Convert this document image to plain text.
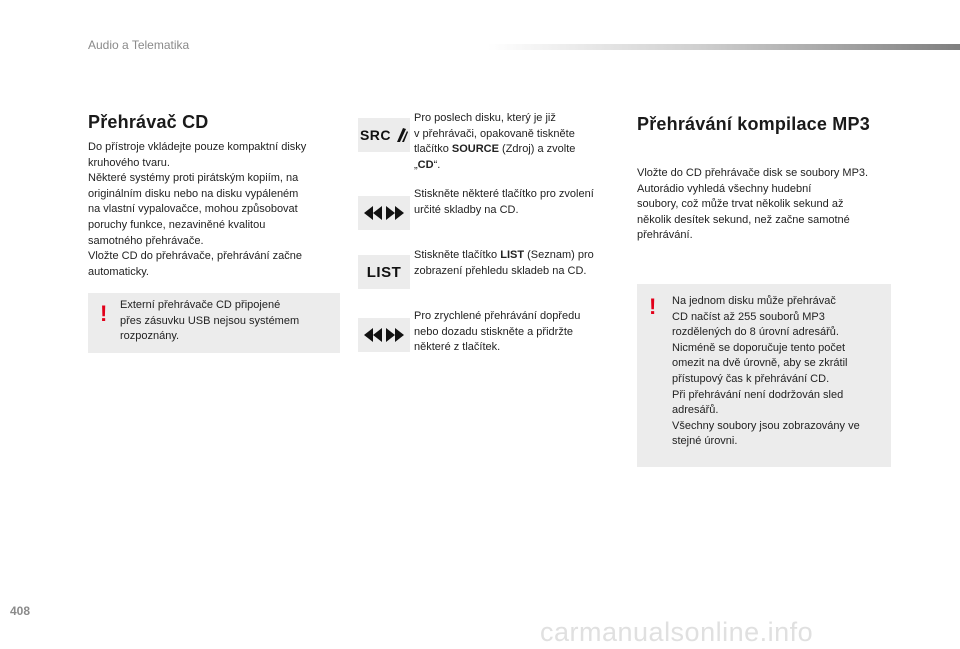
Audio a Telematika
Přehrávač CD

Do přístroje vkládejte pouze kompaktní disky

kruhového tvaru.

Některé systémy proti pirátským kopiím, na

originálním disku nebo na disku vypáleném

na vlastní vypalovačce, mohou způsobovat

poruchy funkce, nezaviněné kvalitou

samotného přehrávače.

Vložte CD do přehrávače, přehrávání začne

automaticky.

! Externí přehrávače CD připojené
přes zásuvku USB nejsou systémem
rozpoznány.
SRC
Pro poslech disku, který je již
v přehrávači, opakovaně tiskněte
tlačítko SOURCE (Zdroj) a zvolte
„CD“.
Stiskněte některé tlačítko pro zvolení
určité skladby na CD.
LIST
Stiskněte tlačítko LIST (Seznam) pro
zobrazení přehledu skladeb na CD.
Pro zrychlené přehrávání dopředu
nebo dozadu stiskněte a přidržte
některé z tlačítek.
Přehrávání kompilace MP3

Vložte do CD přehrávače disk se soubory MP3.

Autorádio vyhledá všechny hudební

soubory, což může trvat několik sekund až

několik desítek sekund, než začne samotné

přehrávání.

! Na jednom disku může přehrávač
CD načíst až 255 souborů MP3
rozdělených do 8 úrovní adresářů.
Nicméně se doporučuje tento počet
omezit na dvě úrovně, aby se zkrátil
přístupový čas k přehrávání CD.
Při přehrávání není dodržován sled
adresářů.
Všechny soubory jsou zobrazovány ve
stejné úrovni.
408
carmanualsonline.info
